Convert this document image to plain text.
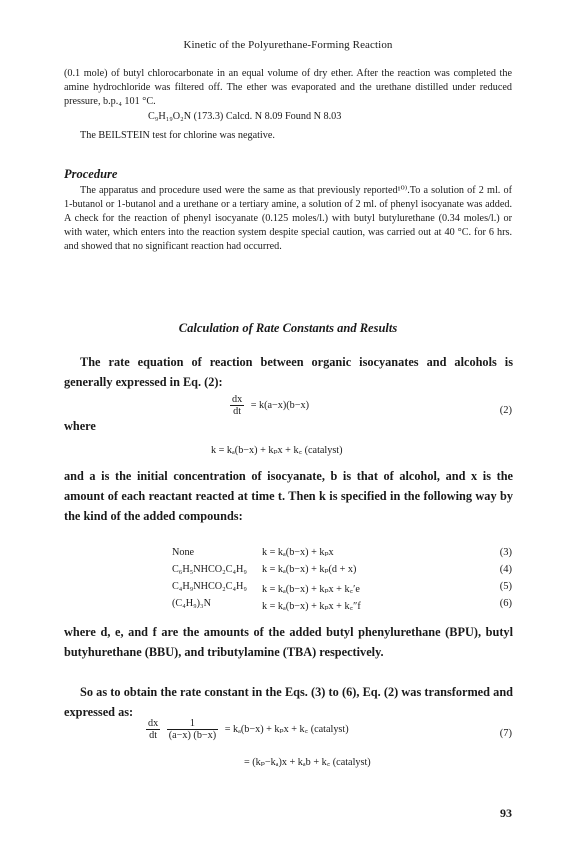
Kinetic of the Polyurethane-Forming Reaction
(0.1 mole) of butyl chlorocarbonate in an equal volume of dry ether. After the reaction was completed the amine hydrochloride was filtered off. The ether was evaporated and the urethane distilled under reduced pressure, b.p.₄ 101 °C.
C₉H₁₉O₂N (173.3) Calcd. N 8.09 Found N 8.03
The BEILSTEIN test for chlorine was negative.
Procedure
The apparatus and procedure used were the same as that previously reported¹⁰⁾.To a solution of 2 ml. of 1-butanol or 1-butanol and a urethane or a tertiary amine, a solution of 2 ml. of phenyl isocyanate was added. A check for the reaction of phenyl isocyanate (0.125 moles/l.) with butyl butylurethane (0.34 moles/l.) or with water, which enters into the reaction system despite special caution, was carried out at 40 °C. for 6 hrs. and showed that no significant reaction had occurred.
Calculation of Rate Constants and Results
The rate equation of reaction between organic isocyanates and alcohols is generally expressed in Eq. (2):
$\frac{dx}{dt} = k(a-x)(b-x)$	(2)
where
k = kₐ(b−x) + kₚx + k꜀ (catalyst)
and a is the initial concentration of isocyanate, b is that of alcohol, and x is the amount of each reactant reacted at time t. Then k is specified in the following way by the kind of the added compounds:
None	k = kₐ(b−x) + kₚx	(3)
C₆H₅NHCO₂C₄H₉ k = kₐ(b−x) + kₚ(d + x)	(4)
C₄H₉NHCO₂C₄H₉ k = kₐ(b−x) + kₚx + k꜀′e	(5)
(C₄H₉)₃N	k = kₐ(b−x) + kₚx + k꜀″f	(6)
where d, e, and f are the amounts of the added butyl phenylurethane (BPU), butyl butyhurethane (BBU), and tributylamine (TBA) respectively.
So as to obtain the rate constant in the Eqs. (3) to (6), Eq. (2) was transformed and expressed as:
$\frac{dx}{dt}$
$\frac{1}{(a-x) (b-x)} = k_a(b-x) + k_px$ + k꜀ (catalyst)	(7)
= (kₚ−kₐ)x + kₐb + k꜀ (catalyst)
93
